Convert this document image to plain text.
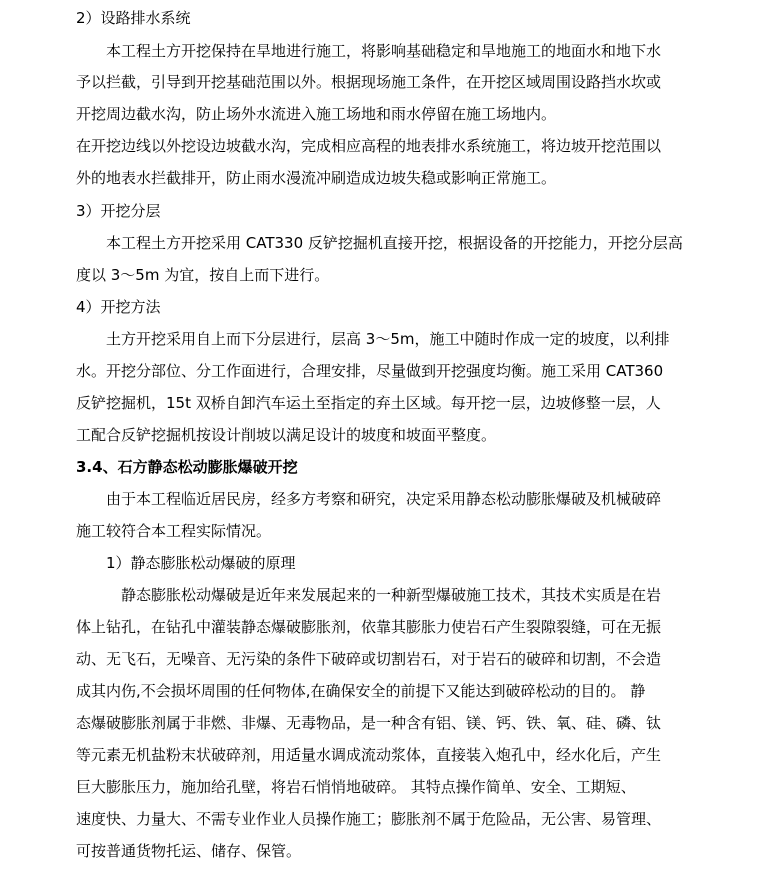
2）设路排水系统
本工程土方开挖保持在旱地进行施工，将影响基础稳定和旱地施工的地面水和地下水
予以拦截，引导到开挖基础范围以外。根据现场施工条件，在开挖区域周围设路挡水坎或
开挖周边截水沟，防止场外水流进入施工场地和雨水停留在施工场地内。
在开挖边线以外挖设边坡截水沟，完成相应高程的地表排水系统施工，将边坡开挖范围以
外的地表水拦截排开，防止雨水漫流冲刷造成边坡失稳或影响正常施工。
3）开挖分层
本工程土方开挖采用 CAT330 反铲挖掘机直接开挖，根据设备的开挖能力，开挖分层高
度以 3～5m 为宜，按自上而下进行。
4）开挖方法
土方开挖采用自上而下分层进行，层高 3～5m，施工中随时作成一定的坡度，以利排
水。开挖分部位、分工作面进行，合理安排，尽量做到开挖强度均衡。施工采用 CAT360
反铲挖掘机，15t 双桥自卸汽车运土至指定的弃土区域。每开挖一层，边坡修整一层，人
工配合反铲挖掘机按设计削坡以满足设计的坡度和坡面平整度。
3.4、石方静态松动膨胀爆破开挖
由于本工程临近居民房，经多方考察和研究，决定采用静态松动膨胀爆破及机械破碎
施工较符合本工程实际情况。
1）静态膨胀松动爆破的原理
静态膨胀松动爆破是近年来发展起来的一种新型爆破施工技术，其技术实质是在岩
体上钻孔，在钻孔中灌装静态爆破膨胀剂，依靠其膨胀力使岩石产生裂隙裂缝，可在无振
动、无飞石，无噪音、无污染的条件下破碎或切割岩石，对于岩石的破碎和切割，不会造
成其内伤,不会损坏周围的任何物体,在确保安全的前提下又能达到破碎松动的目的。 静
态爆破膨胀剂属于非燃、非爆、无毒物品，是一种含有铝、镁、钙、铁、氧、硅、磷、钛
等元素无机盐粉末状破碎剂，用适量水调成流动浆体，直接装入炮孔中，经水化后，产生
巨大膨胀压力，施加给孔壁，将岩石悄悄地破碎。 其特点操作简单、安全、工期短、
速度快、力量大、不需专业作业人员操作施工；膨胀剂不属于危险品，无公害、易管理、
可按普通货物托运、储存、保管。
